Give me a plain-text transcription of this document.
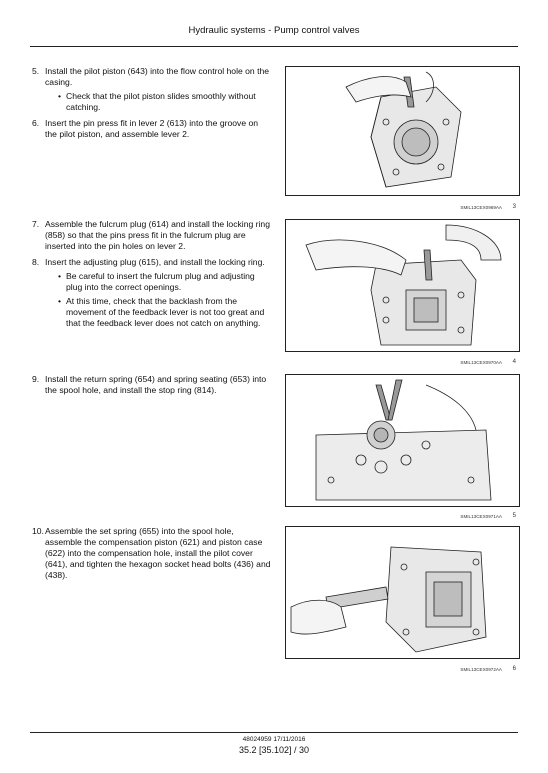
Hydraulic systems - Pump control valves
5. Install the pilot piston (643) into the flow control hole on the casing.
• Check that the pilot piston slides smoothly without catching.
6. Insert the pin press fit in lever 2 (613) into the groove on the pilot piston, and assemble lever 2.
SMIL13CEX0969AA 3
7. Assemble the fulcrum plug (614) and install the locking ring (858) so that the pins press fit in the fulcrum plug are inserted into the pin holes on lever 2.
8. Insert the adjusting plug (615), and install the locking ring.
• Be careful to insert the fulcrum plug and adjusting plug into the correct openings.
• At this time, check that the backlash from the movement of the feedback lever is not too great and that the feedback lever does not catch on anything.
SMIL13CEX0970AA 4
9. Install the return spring (654) and spring seating (653) into the spool hole, and install the stop ring (814).
SMIL13CEX0971AA 5
10. Assemble the set spring (655) into the spool hole, assemble the compensation piston (621) and piston case (622) into the compensation hole, install the pilot cover (641), and tighten the hexagon socket head bolts (436) and (438).
SMIL13CEX0972AA 6
48024959 17/11/2016
35.2 [35.102] / 30
